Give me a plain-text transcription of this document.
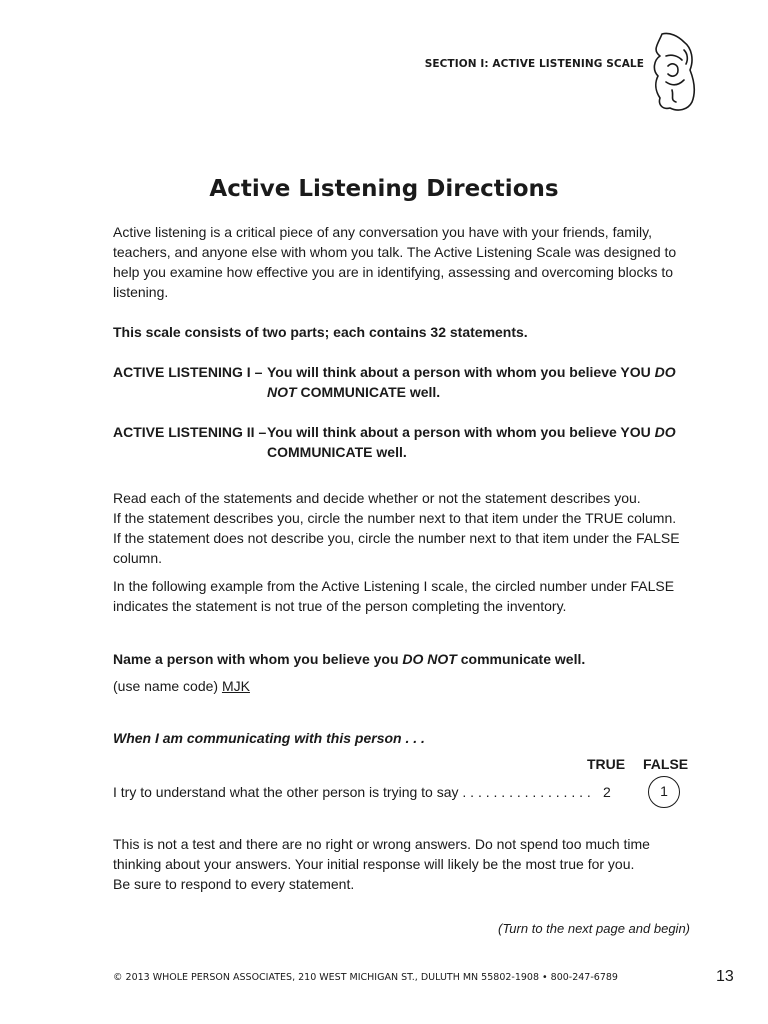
SECTION I: ACTIVE LISTENING SCALE
Active Listening Directions
Active listening is a critical piece of any conversation you have with your friends, family, teachers, and anyone else with whom you talk. The Active Listening Scale was designed to help you examine how effective you are in identifying, assessing and overcoming blocks to listening.
This scale consists of two parts; each contains 32 statements.
ACTIVE LISTENING I – You will think about a person with whom you believe YOU DO NOT COMMUNICATE well.
ACTIVE LISTENING II – You will think about a person with whom you believe YOU DO COMMUNICATE well.
Read each of the statements and decide whether or not the statement describes you.
If the statement describes you, circle the number next to that item under the TRUE column.
If the statement does not describe you, circle the number next to that item under the FALSE column.
In the following example from the Active Listening I scale, the circled number under FALSE indicates the statement is not true of the person completing the inventory.
Name a person with whom you believe you DO NOT communicate well.
(use name code) MJK
When I am communicating with this person . . .
TRUE FALSE
I try to understand what the other person is trying to say . . . . . . . . . . . . . . . . . 2	1
This is not a test and there are no right or wrong answers. Do not spend too much time thinking about your answers. Your initial response will likely be the most true for you.
Be sure to respond to every statement.
(Turn to the next page and begin)
© 2013 WHOLE PERSON ASSOCIATES, 210 WEST MICHIGAN ST., DULUTH MN 55802-1908 • 800-247-6789	13
